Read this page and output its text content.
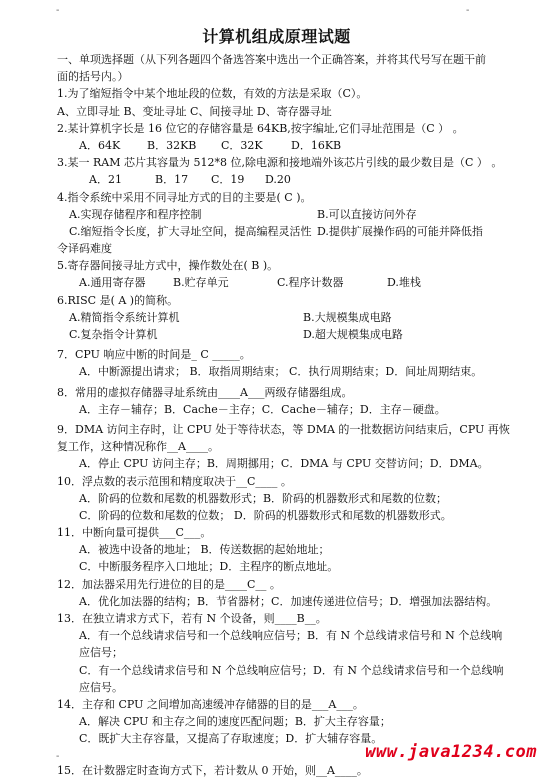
-	-
-
计算机组成原理试题
一、单项选择题（从下列各题四个备选答案中选出一个正确答案，并将其代号写在题干前
面的括号内。）
1.为了缩短指令中某个地址段的位数，有效的方法是采取（C）。
A、立即寻址 B、变址寻址 C、间接寻址 D、寄存器寻址
2.某计算机字长是 16 位它的存储容量是 64KB,按字编址,它们寻址范围是（C ） 。
A．64K B．32KB C．32K	D．16KB
3.某一 RAM 芯片其容量为 512*8 位,除电源和接地端外该芯片引线的最少数目是（C ） 。
A．21	B．17 C．19 D.20
4.指令系统中采用不同寻址方式的目的主要是( C )。
A.实现存储程序和程序控制	B.可以直接访问外存
C.缩短指令长度，扩大寻址空间，提高编程灵活性 D.提供扩展操作码的可能并降低指
令译码难度
5.寄存器间接寻址方式中，操作数处在( B )。
A.通用寄存器	B.贮存单元	C.程序计数器	D.堆栈
6.RISC 是( A )的简称。
A.精简指令系统计算机	B.大规模集成电路
C.复杂指令计算机	D.超大规模集成电路
7．CPU 响应中断的时间是_ C _____。
A．中断源提出请求； B．取指周期结束； C．执行周期结束；D．间址周期结束。
8．常用的虚拟存储器寻址系统由____A___两级存储器组成。
A．主存－辅存；B．Cache－主存；C．Cache－辅存；D．主存－硬盘。
9．DMA 访问主存时，让 CPU 处于等待状态，等 DMA 的一批数据访问结束后，CPU 再恢
复工作，这种情况称作__A____。
A．停止 CPU 访问主存；B．周期挪用；C．DMA 与 CPU 交替访问；D．DMA。
10．浮点数的表示范围和精度取决于__C____ 。
A．阶码的位数和尾数的机器数形式；B．阶码的机器数形式和尾数的位数；
C．阶码的位数和尾数的位数； D．阶码的机器数形式和尾数的机器数形式。
11．中断向量可提供___C___。
A．被选中设备的地址； B．传送数据的起始地址；
C．中断服务程序入口地址；D．主程序的断点地址。
12．加法器采用先行进位的目的是____C__ 。
A．优化加法器的结构；B．节省器材；C．加速传递进位信号；D．增强加法器结构。
13．在独立请求方式下，若有 N 个设备，则____B__。
A．有一个总线请求信号和一个总线响应信号；B．有 N 个总线请求信号和 N 个总线响
应信号；
C．有一个总线请求信号和 N 个总线响应信号；D．有 N 个总线请求信号和一个总线响
应信号。
14．主存和 CPU 之间增加高速缓冲存储器的目的是___A___。
A．解决 CPU 和主存之间的速度匹配问题；B．扩大主存容量；
C．既扩大主存容量，又提高了存取速度；D．扩大辅存容量。
15．在计数器定时查询方式下，若计数从 0 开始，则__A____。
www.java1234.com
